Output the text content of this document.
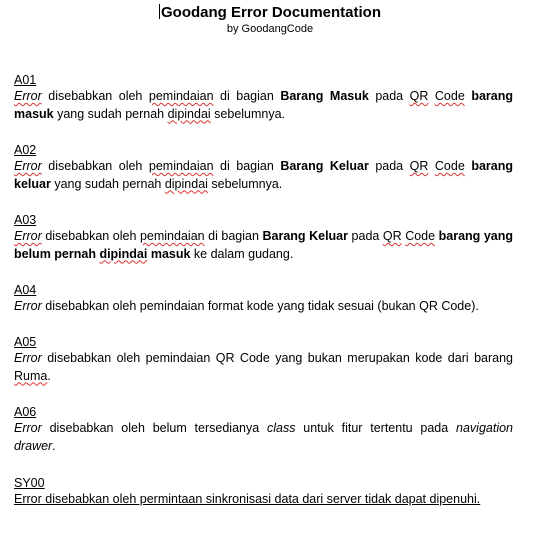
Goodang Error Documentation
by GoodangCode
A01

Error disebabkan oleh pemindaian di bagian Barang Masuk pada QR Code barang masuk yang sudah pernah dipindai sebelumnya.

A02

Error disebabkan oleh pemindaian di bagian Barang Keluar pada QR Code barang keluar yang sudah pernah dipindai sebelumnya.

A03

Error disebabkan oleh pemindaian di bagian Barang Keluar pada QR Code barang yang belum pernah dipindai masuk ke dalam gudang.

A04

Error disebabkan oleh pemindaian format kode yang tidak sesuai (bukan QR Code).

A05

Error disebabkan oleh pemindaian QR Code yang bukan merupakan kode dari barang Ruma.

A06

Error disebabkan oleh belum tersedianya class untuk fitur tertentu pada navigation drawer.

SY00

Error disebabkan oleh permintaan sinkronisasi data dari server tidak dapat dipenuhi.
